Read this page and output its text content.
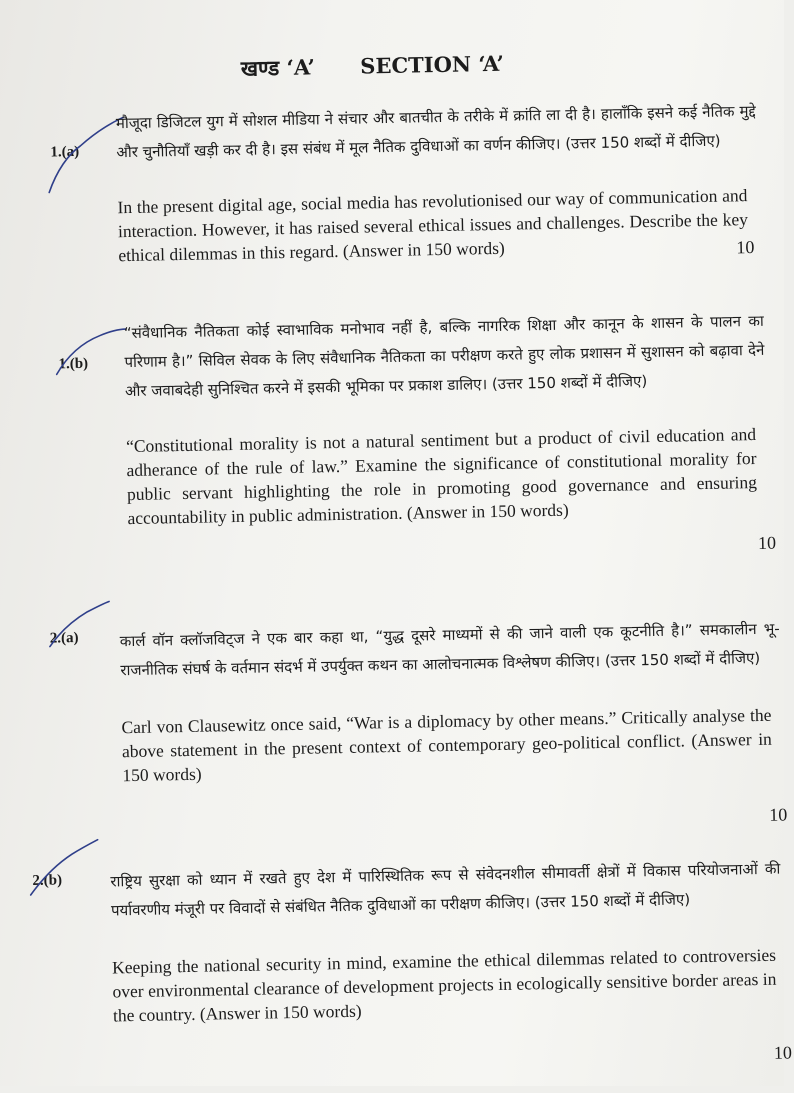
खण्ड ‘A’ SECTION ‘A’
1.(a)
मौजूदा डिजिटल युग में सोशल मीडिया ने संचार और बातचीत के तरीके में क्रांति ला दी है। हालाँकि इसने कई नैतिक मुद्दे और चुनौतियाँ खड़ी कर दी है। इस संबंध में मूल नैतिक दुविधाओं का वर्णन कीजिए। (उत्तर 150 शब्दों में दीजिए)
In the present digital age, social media has revolutionised our way of communication and interaction. However, it has raised several ethical issues and challenges. Describe the key ethical dilemmas in this regard. (Answer in 150 words)	10
1.(b)
“संवैधानिक नैतिकता कोई स्वाभाविक मनोभाव नहीं है, बल्कि नागरिक शिक्षा और कानून के शासन के पालन का परिणाम है।” सिविल सेवक के लिए संवैधानिक नैतिकता का परीक्षण करते हुए लोक प्रशासन में सुशासन को बढ़ावा देने और जवाबदेही सुनिश्चित करने में इसकी भूमिका पर प्रकाश डालिए। (उत्तर 150 शब्दों में दीजिए)
“Constitutional morality is not a natural sentiment but a product of civil education and adherance of the rule of law.” Examine the significance of constitutional morality for public servant highlighting the role in promoting good governance and ensuring accountability in public administration. (Answer in 150 words)
10
2.(a)	कार्ल वॉन क्लॉजविट्ज ने एक बार कहा था, “युद्ध दूसरे माध्यमों से की जाने वाली एक कूटनीति है।” समकालीन भू-राजनीतिक संघर्ष के वर्तमान संदर्भ में उपर्युक्त कथन का आलोचनात्मक विश्लेषण कीजिए। (उत्तर 150 शब्दों में दीजिए)
Carl von Clausewitz once said, “War is a diplomacy by other means.” Critically analyse the above statement in the present context of contemporary geo-political conflict. (Answer in 150 words)
10
2.(b)	राष्ट्रिय सुरक्षा को ध्यान में रखते हुए देश में पारिस्थितिक रूप से संवेदनशील सीमावर्ती क्षेत्रों में विकास परियोजनाओं की पर्यावरणीय मंजूरी पर विवादों से संबंधित नैतिक दुविधाओं का परीक्षण कीजिए। (उत्तर 150 शब्दों में दीजिए)
Keeping the national security in mind, examine the ethical dilemmas related to controversies over environmental clearance of development projects in ecologically sensitive border areas in the country. (Answer in 150 words)
10
